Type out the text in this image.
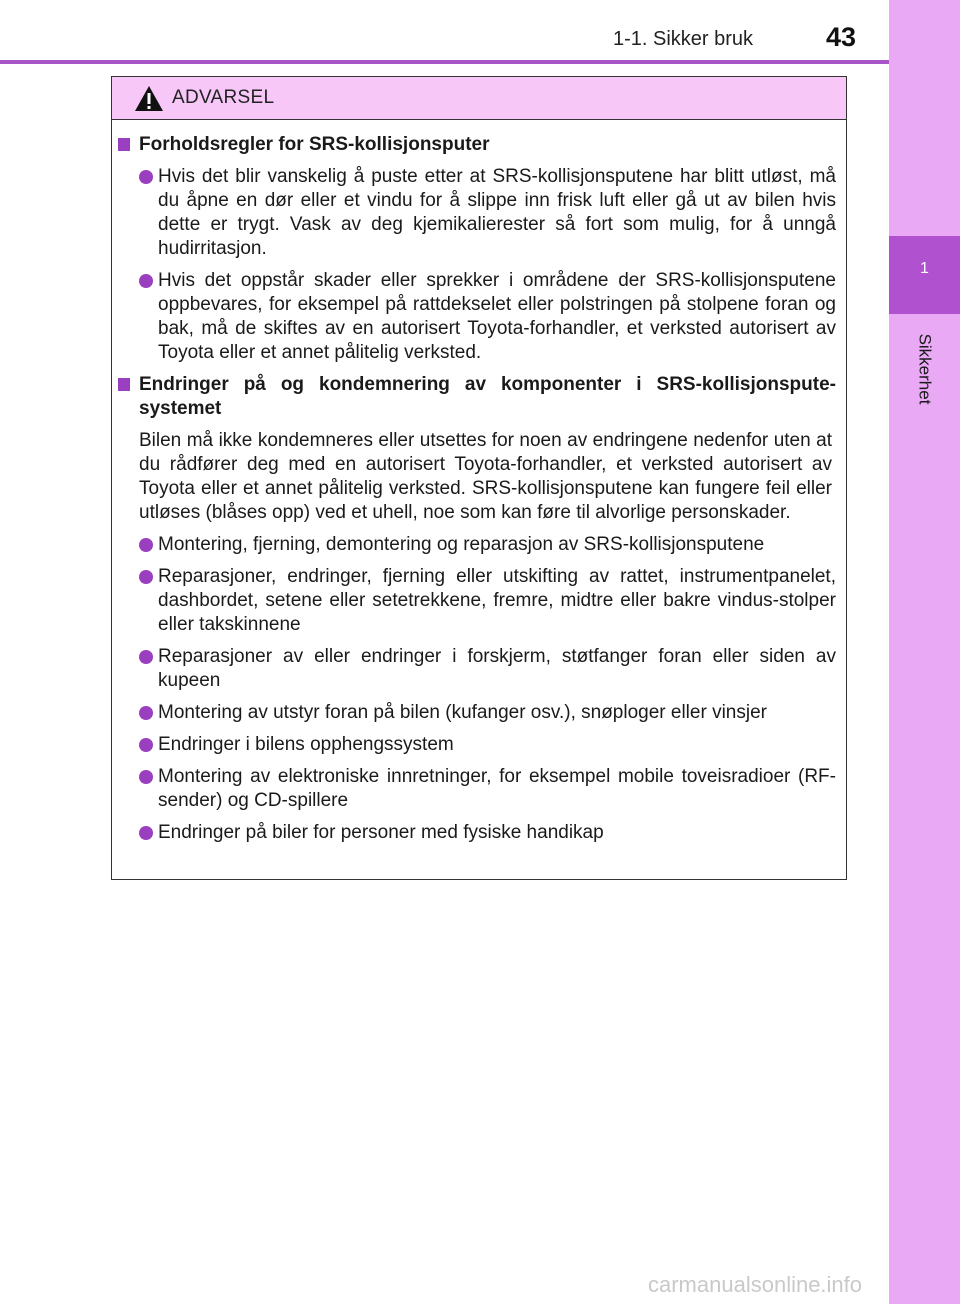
1
Sikkerhet
1-1. Sikker bruk	43
ADVARSEL
Forholdsregler for SRS-kollisjonsputer
Hvis det blir vanskelig å puste etter at SRS-kollisjonsputene har blitt utløst, må du åpne en dør eller et vindu for å slippe inn frisk luft eller gå ut av bilen hvis dette er trygt. Vask av deg kjemikalierester så fort som mulig, for å unngå hudirritasjon.
Hvis det oppstår skader eller sprekker i områdene der SRS-kollisjonsputene oppbevares, for eksempel på rattdekselet eller polstringen på stolpene foran og bak, må de skiftes av en autorisert Toyota-forhandler, et verksted autorisert av Toyota eller et annet pålitelig verksted.
Endringer på og kondemnering av komponenter i SRS-kollisjonspute-systemet
Bilen må ikke kondemneres eller utsettes for noen av endringene nedenfor uten at du rådfører deg med en autorisert Toyota-forhandler, et verksted autorisert av Toyota eller et annet pålitelig verksted. SRS-kollisjonsputene kan fungere feil eller utløses (blåses opp) ved et uhell, noe som kan føre til alvorlige personskader.
Montering, fjerning, demontering og reparasjon av SRS-kollisjonsputene
Reparasjoner, endringer, fjerning eller utskifting av rattet, instrumentpanelet, dashbordet, setene eller setetrekkene, fremre, midtre eller bakre vindus-stolper eller takskinnene
Reparasjoner av eller endringer i forskjerm, støtfanger foran eller siden av kupeen
Montering av utstyr foran på bilen (kufanger osv.), snøploger eller vinsjer
Endringer i bilens opphengssystem
Montering av elektroniske innretninger, for eksempel mobile toveisradioer (RF-sender) og CD-spillere
Endringer på biler for personer med fysiske handikap
carmanualsonline.info
